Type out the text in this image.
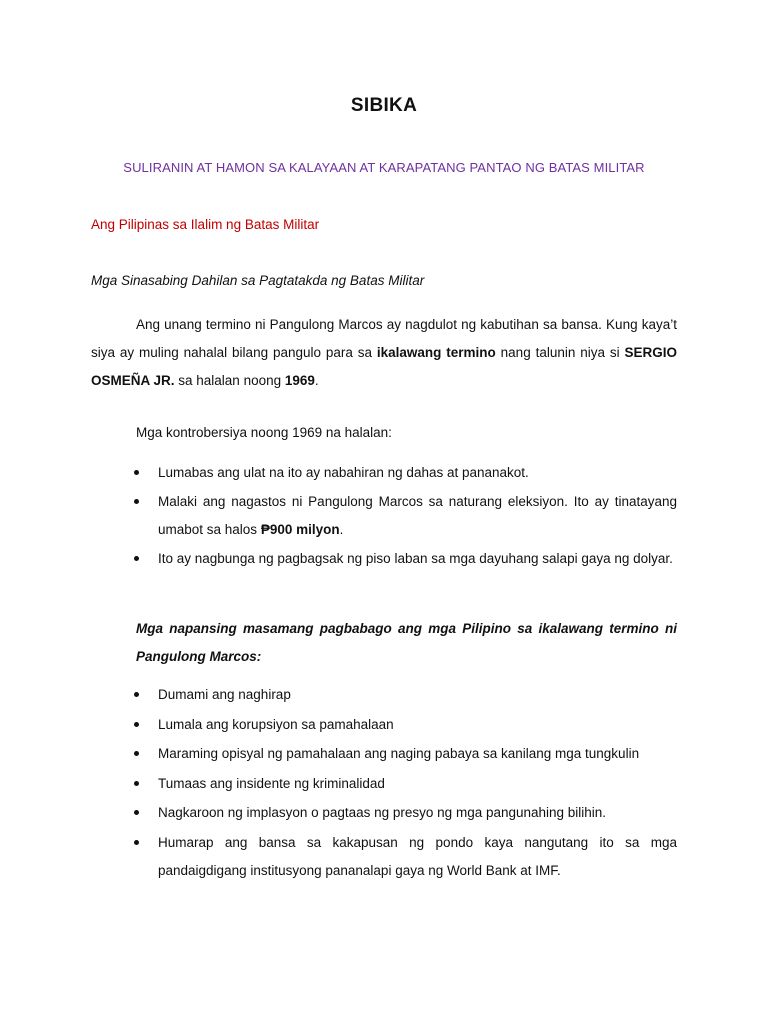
SIBIKA
SULIRANIN AT HAMON SA KALAYAAN AT KARAPATANG PANTAO NG BATAS MILITAR
Ang Pilipinas sa Ilalim ng Batas Militar
Mga Sinasabing Dahilan sa Pagtatakda ng Batas Militar
Ang unang termino ni Pangulong Marcos ay nagdulot ng kabutihan sa bansa. Kung kaya’t siya ay muling nahalal bilang pangulo para sa ikalawang termino nang talunin niya si SERGIO OSMEÑA JR. sa halalan noong 1969.
Mga kontrobersiya noong 1969 na halalan:
Lumabas ang ulat na ito ay nabahiran ng dahas at pananakot.
Malaki ang nagastos ni Pangulong Marcos sa naturang eleksiyon. Ito ay tinatayang umabot sa halos ₱900 milyon.
Ito ay nagbunga ng pagbagsak ng piso laban sa mga dayuhang salapi gaya ng dolyar.
Mga napansing masamang pagbabago ang mga Pilipino sa ikalawang termino ni Pangulong Marcos:
Dumami ang naghirap
Lumala ang korupsiyon sa pamahalaan
Maraming opisyal ng pamahalaan ang naging pabaya sa kanilang mga tungkulin
Tumaas ang insidente ng kriminalidad
Nagkaroon ng implasyon o pagtaas ng presyo ng mga pangunahing bilihin.
Humarap ang bansa sa kakapusan ng pondo kaya nangutang ito sa mga pandaigdigang institusyong pananalapi gaya ng World Bank at IMF.
